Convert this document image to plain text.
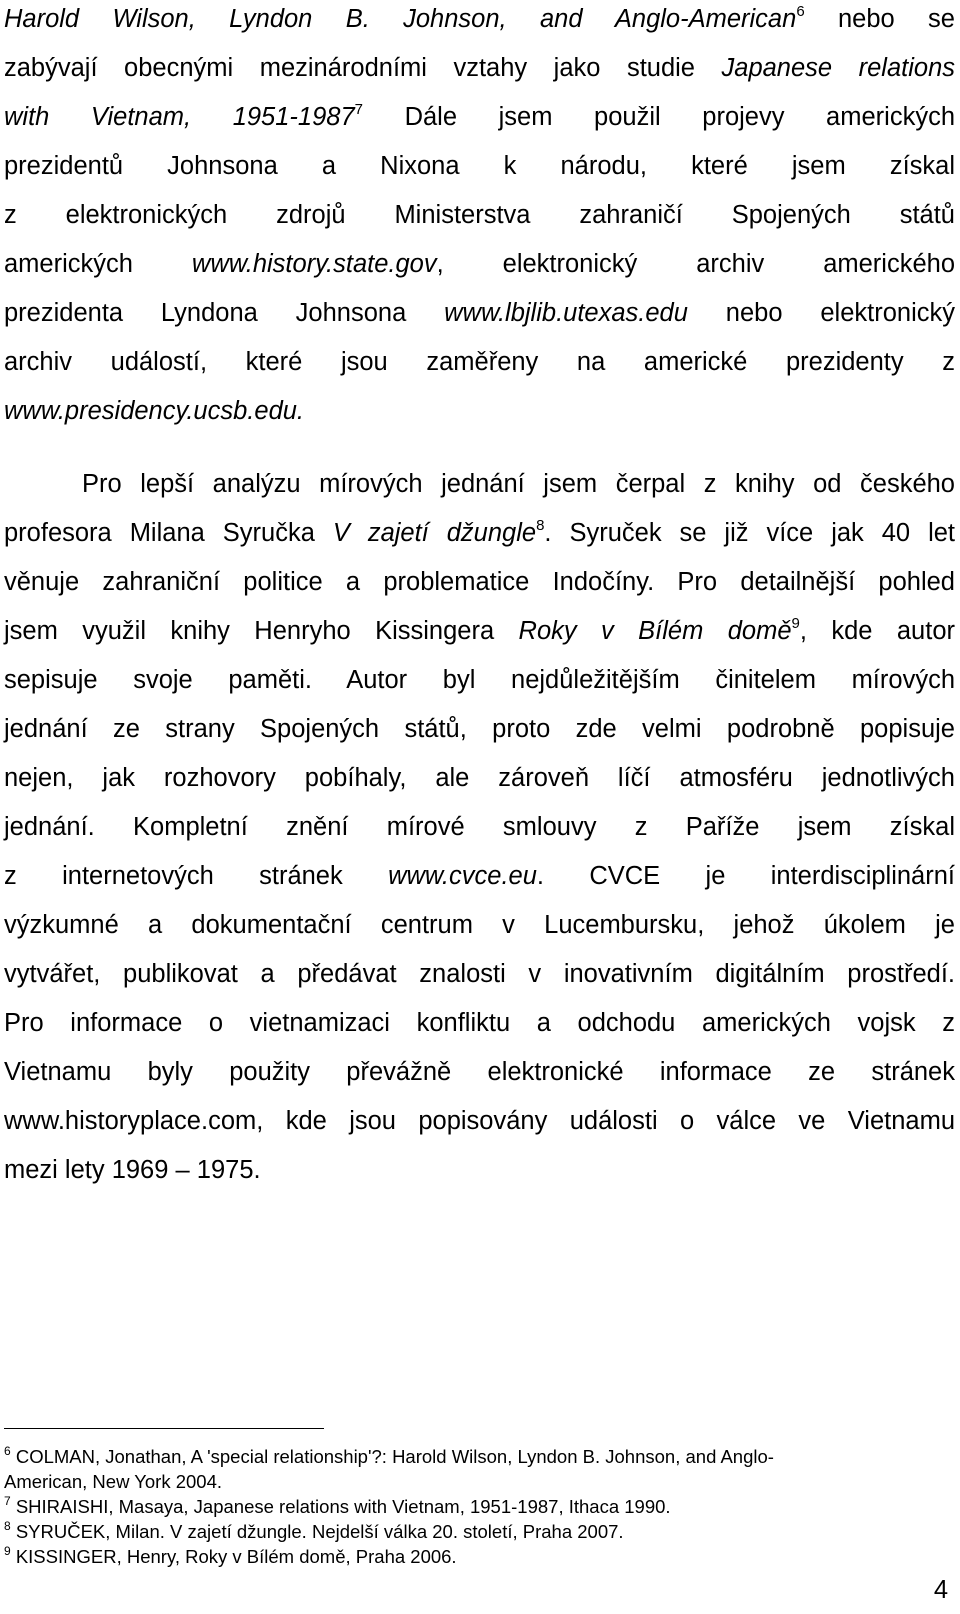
Harold Wilson, Lyndon B. Johnson, and Anglo-American$^6$ nebo se
zabývají obecnými mezinárodními vztahy jako studie Japanese relations
with Vietnam, 1951-1987$^7$ Dále jsem použil projevy amerických
prezidentů Johnsona a Nixona k národu, které jsem získal
z elektronických zdrojů Ministerstva zahraničí Spojených států
amerických www.history.state.gov, elektronický archiv amerického
prezidenta Lyndona Johnsona www.lbjlib.utexas.edu nebo elektronický
archiv událostí, které jsou zaměřeny na americké prezidenty z
www.presidency.ucsb.edu.
Pro lepší analýzu mírových jednání jsem čerpal z knihy od českého
profesora Milana Syručka V zajetí džungle$^8$. Syruček se již více jak 40 let
věnuje zahraniční politice a problematice Indočíny. Pro detailnější pohled
jsem využil knihy Henryho Kissingera Roky v Bílém domě$^9$, kde autor
sepisuje svoje paměti. Autor byl nejdůležitějším činitelem mírových
jednání ze strany Spojených států, proto zde velmi podrobně popisuje
nejen, jak rozhovory pobíhaly, ale zároveň líčí atmosféru jednotlivých
jednání. Kompletní znění mírové smlouvy z Paříže jsem získal
z internetových stránek www.cvce.eu. CVCE je interdisciplinární
výzkumné a dokumentační centrum v Lucembursku, jehož úkolem je
vytvářet, publikovat a předávat znalosti v inovativním digitálním prostředí.
Pro informace o vietnamizaci konfliktu a odchodu amerických vojsk z
Vietnamu byly použity převážně elektronické informace ze stránek
www.historyplace.com, kde jsou popisovány události o válce ve Vietnamu
mezi lety 1969 – 1975.
$^6$ COLMAN, Jonathan, A 'special relationship'?: Harold Wilson, Lyndon B. Johnson, and Anglo-
American, New York 2004.
$^7$ SHIRAISHI, Masaya, Japanese relations with Vietnam, 1951-1987, Ithaca 1990.
$^8$ SYRUČEK, Milan. V zajetí džungle. Nejdelší válka 20. století, Praha 2007.
$^9$ KISSINGER, Henry, Roky v Bílém domě, Praha 2006.
4
